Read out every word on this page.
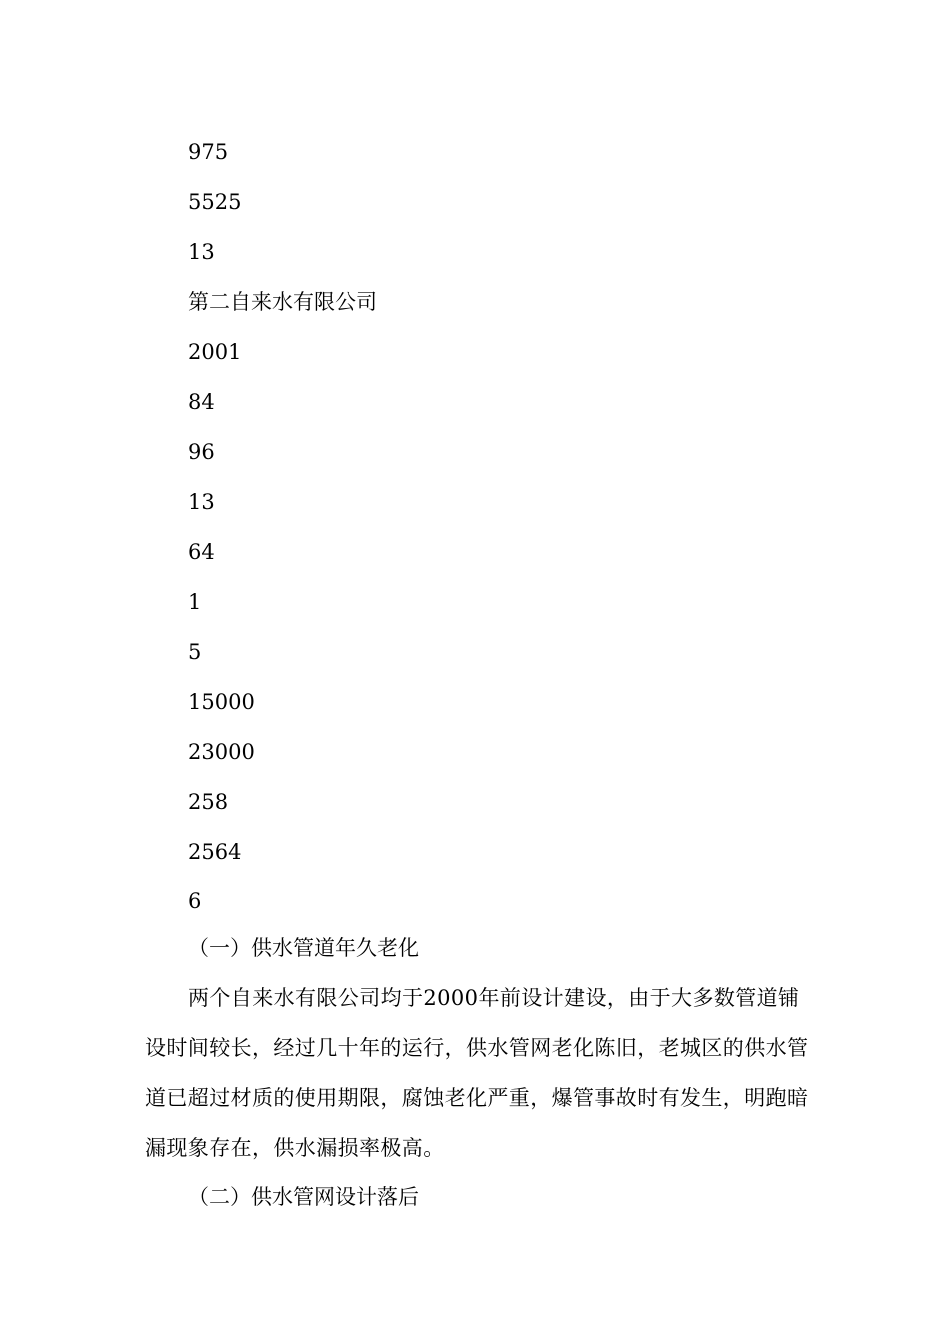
975
5525
13
第二自来水有限公司
2001
84
96
13
64
1
5
15000
23000
258
2564
6
（一）供水管道年久老化
两个自来水有限公司均于2000年前设计建设，由于大多数管道铺设时间较长，经过几十年的运行，供水管网老化陈旧，老城区的供水管道已超过材质的使用期限，腐蚀老化严重，爆管事故时有发生，明跑暗漏现象存在，供水漏损率极高。
（二）供水管网设计落后
